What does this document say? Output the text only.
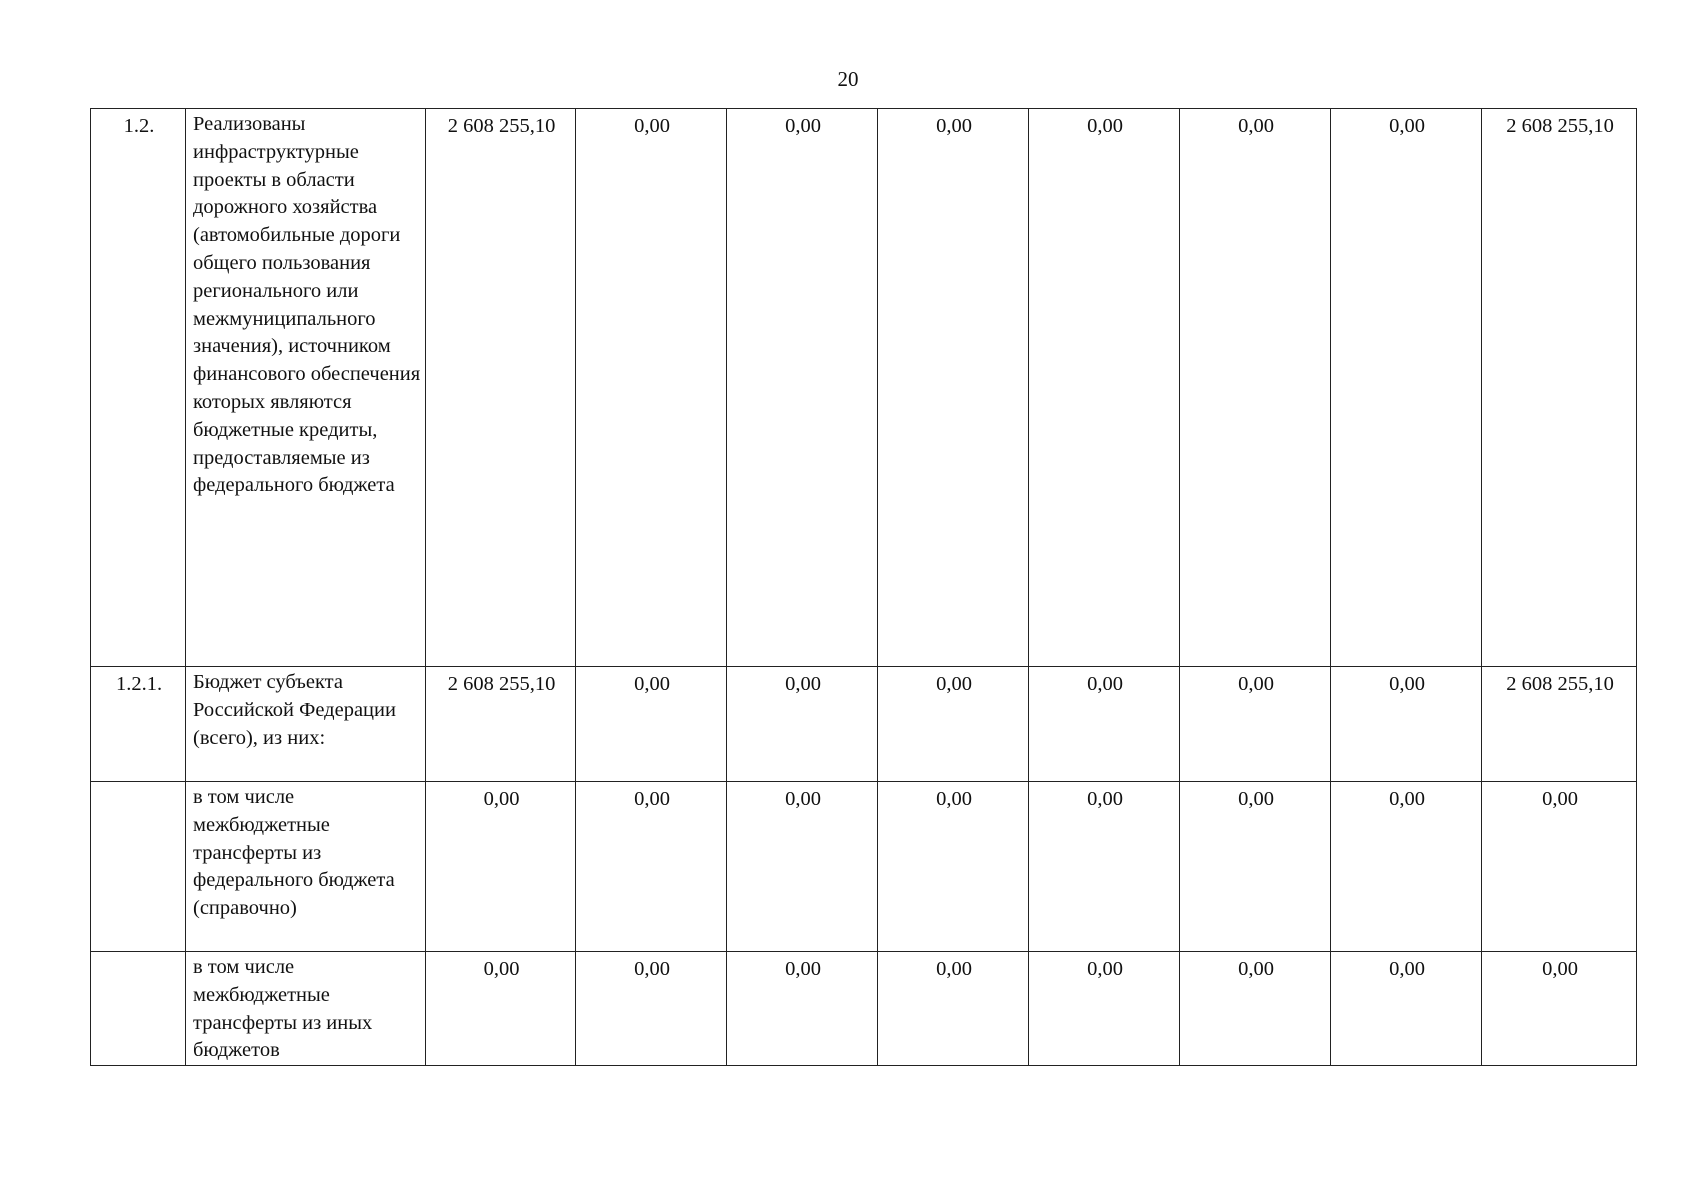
20
1.2.	Реализованы инфраструктурные проекты в области дорожного хозяйства (автомобильные дороги общего пользования регионального или межмуниципального значения), источником финансового обеспечения которых являются бюджетные кредиты, предоставляемые из федерального бюджета	2 608 255,10	0,00	0,00	0,00	0,00	0,00	0,00	2 608 255,10
1.2.1.	Бюджет субъекта Российской Федерации (всего), из них:	2 608 255,10	0,00	0,00	0,00	0,00	0,00	0,00	2 608 255,10
	в том числе межбюджетные трансферты из федерального бюджета (справочно)	0,00	0,00	0,00	0,00	0,00	0,00	0,00	0,00
	в том числе межбюджетные трансферты из иных бюджетов	0,00	0,00	0,00	0,00	0,00	0,00	0,00	0,00
